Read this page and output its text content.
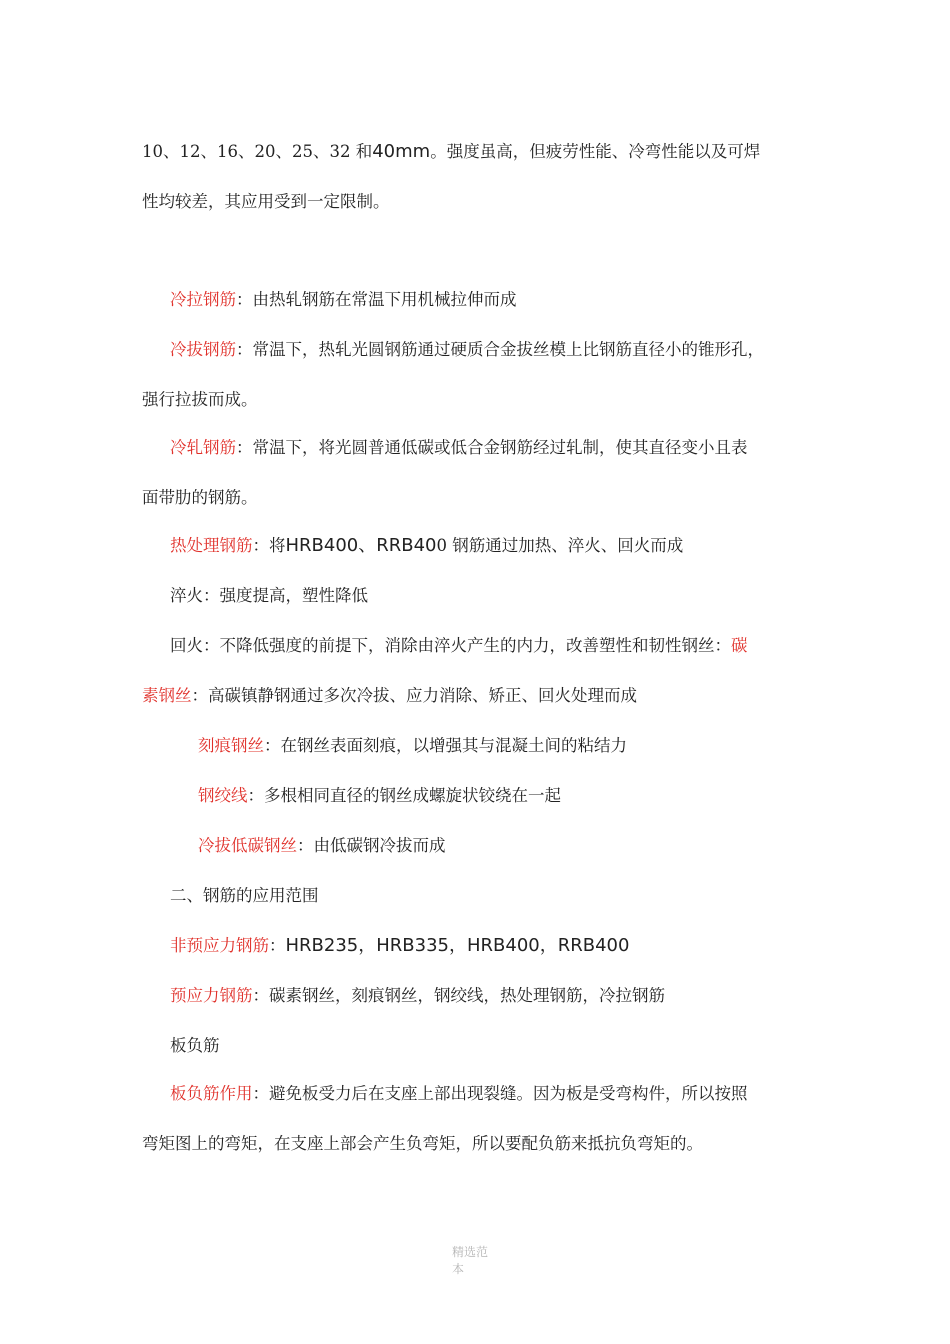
10、12、16、20、25、32 和40mm。强度虽高，但疲劳性能、冷弯性能以及可焊
性均较差，其应用受到一定限制。
冷拉钢筋：由热轧钢筋在常温下用机械拉伸而成
冷拔钢筋：常温下，热轧光圆钢筋通过硬质合金拔丝模上比钢筋直径小的锥形孔，
强行拉拔而成。
冷轧钢筋：常温下，将光圆普通低碳或低合金钢筋经过轧制，使其直径变小且表
面带肋的钢筋。
热处理钢筋：将HRB400、RRB400 钢筋通过加热、淬火、回火而成
淬火：强度提高，塑性降低
回火：不降低强度的前提下，消除由淬火产生的内力，改善塑性和韧性钢丝：碳
素钢丝：高碳镇静钢通过多次冷拔、应力消除、矫正、回火处理而成
刻痕钢丝：在钢丝表面刻痕，以增强其与混凝土间的粘结力
钢绞线：多根相同直径的钢丝成螺旋状铰绕在一起
冷拔低碳钢丝：由低碳钢冷拔而成
二、钢筋的应用范围
非预应力钢筋：HRB235，HRB335，HRB400，RRB400
预应力钢筋：碳素钢丝，刻痕钢丝，钢绞线，热处理钢筋，冷拉钢筋
板负筋
板负筋作用：避免板受力后在支座上部出现裂缝。因为板是受弯构件，所以按照
弯矩图上的弯矩，在支座上部会产生负弯矩，所以要配负筋来抵抗负弯矩的。
精选范本
